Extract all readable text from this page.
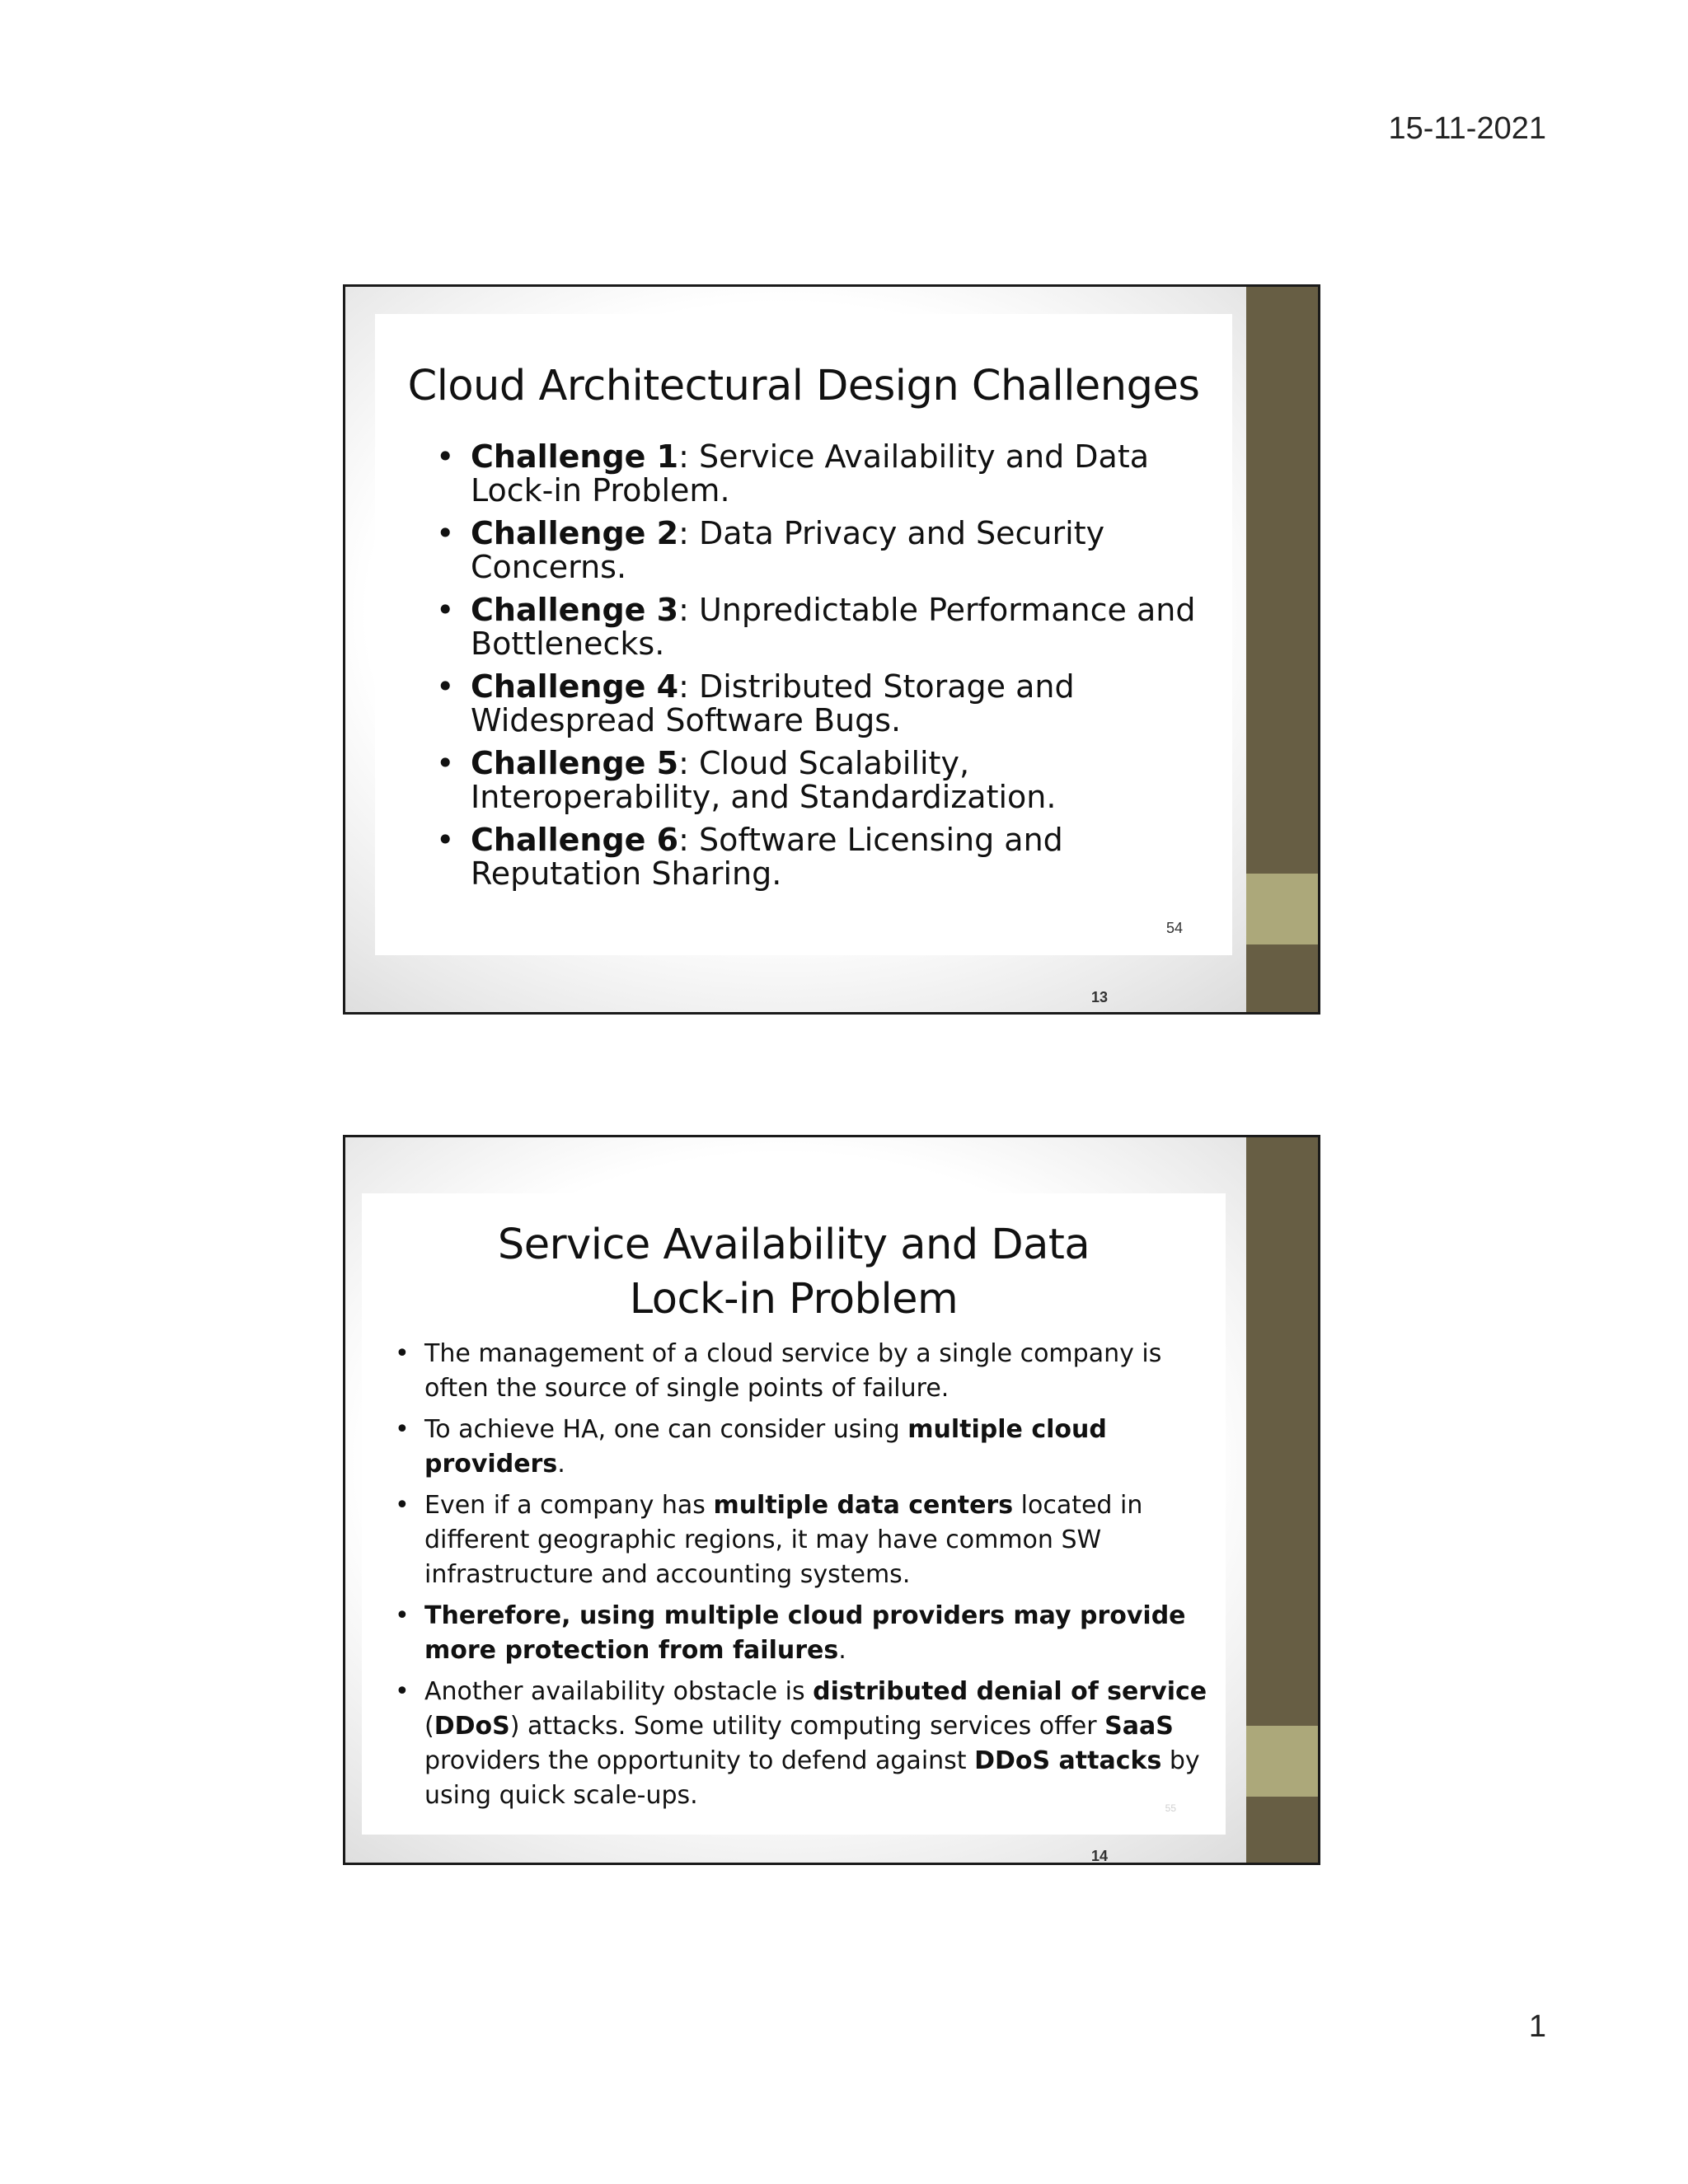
15-11-2021
Cloud Architectural Design Challenges
• Challenge 1: Service Availability and Data Lock-in Problem.
• Challenge 2: Data Privacy and Security Concerns.
• Challenge 3: Unpredictable Performance and Bottlenecks.
• Challenge 4: Distributed Storage and Widespread Software Bugs.
• Challenge 5: Cloud Scalability, Interoperability, and Standardization.
• Challenge 6: Software Licensing and Reputation Sharing.
54
13
Service Availability and Data Lock-in Problem
• The management of a cloud service by a single company is often the source of single points of failure.
• To achieve HA, one can consider using multiple cloud providers.
• Even if a company has multiple data centers located in different geographic regions, it may have common SW infrastructure and accounting systems.
• Therefore, using multiple cloud providers may provide more protection from failures.
• Another availability obstacle is distributed denial of service (DDoS) attacks. Some utility computing services offer SaaS providers the opportunity to defend against DDoS attacks by using quick scale-ups.	55
14
1
